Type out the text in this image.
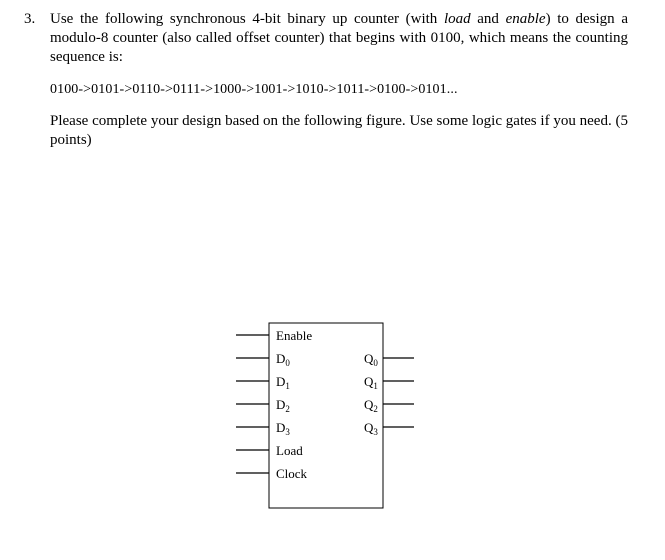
3. Use the following synchronous 4-bit binary up counter (with load and enable) to design a modulo-8 counter (also called offset counter) that begins with 0100, which means the counting sequence is:

0100->0101->0110->0111->1000->1001->1010->1011->0100->0101...

Please complete your design based on the following figure. Use some logic gates if you need. (5 points)

Enable
$D_0$
$D_1$
$D_2$
$D_3$
Load
Clock
$Q_0$
$Q_1$
$Q_2$
$Q_3$
